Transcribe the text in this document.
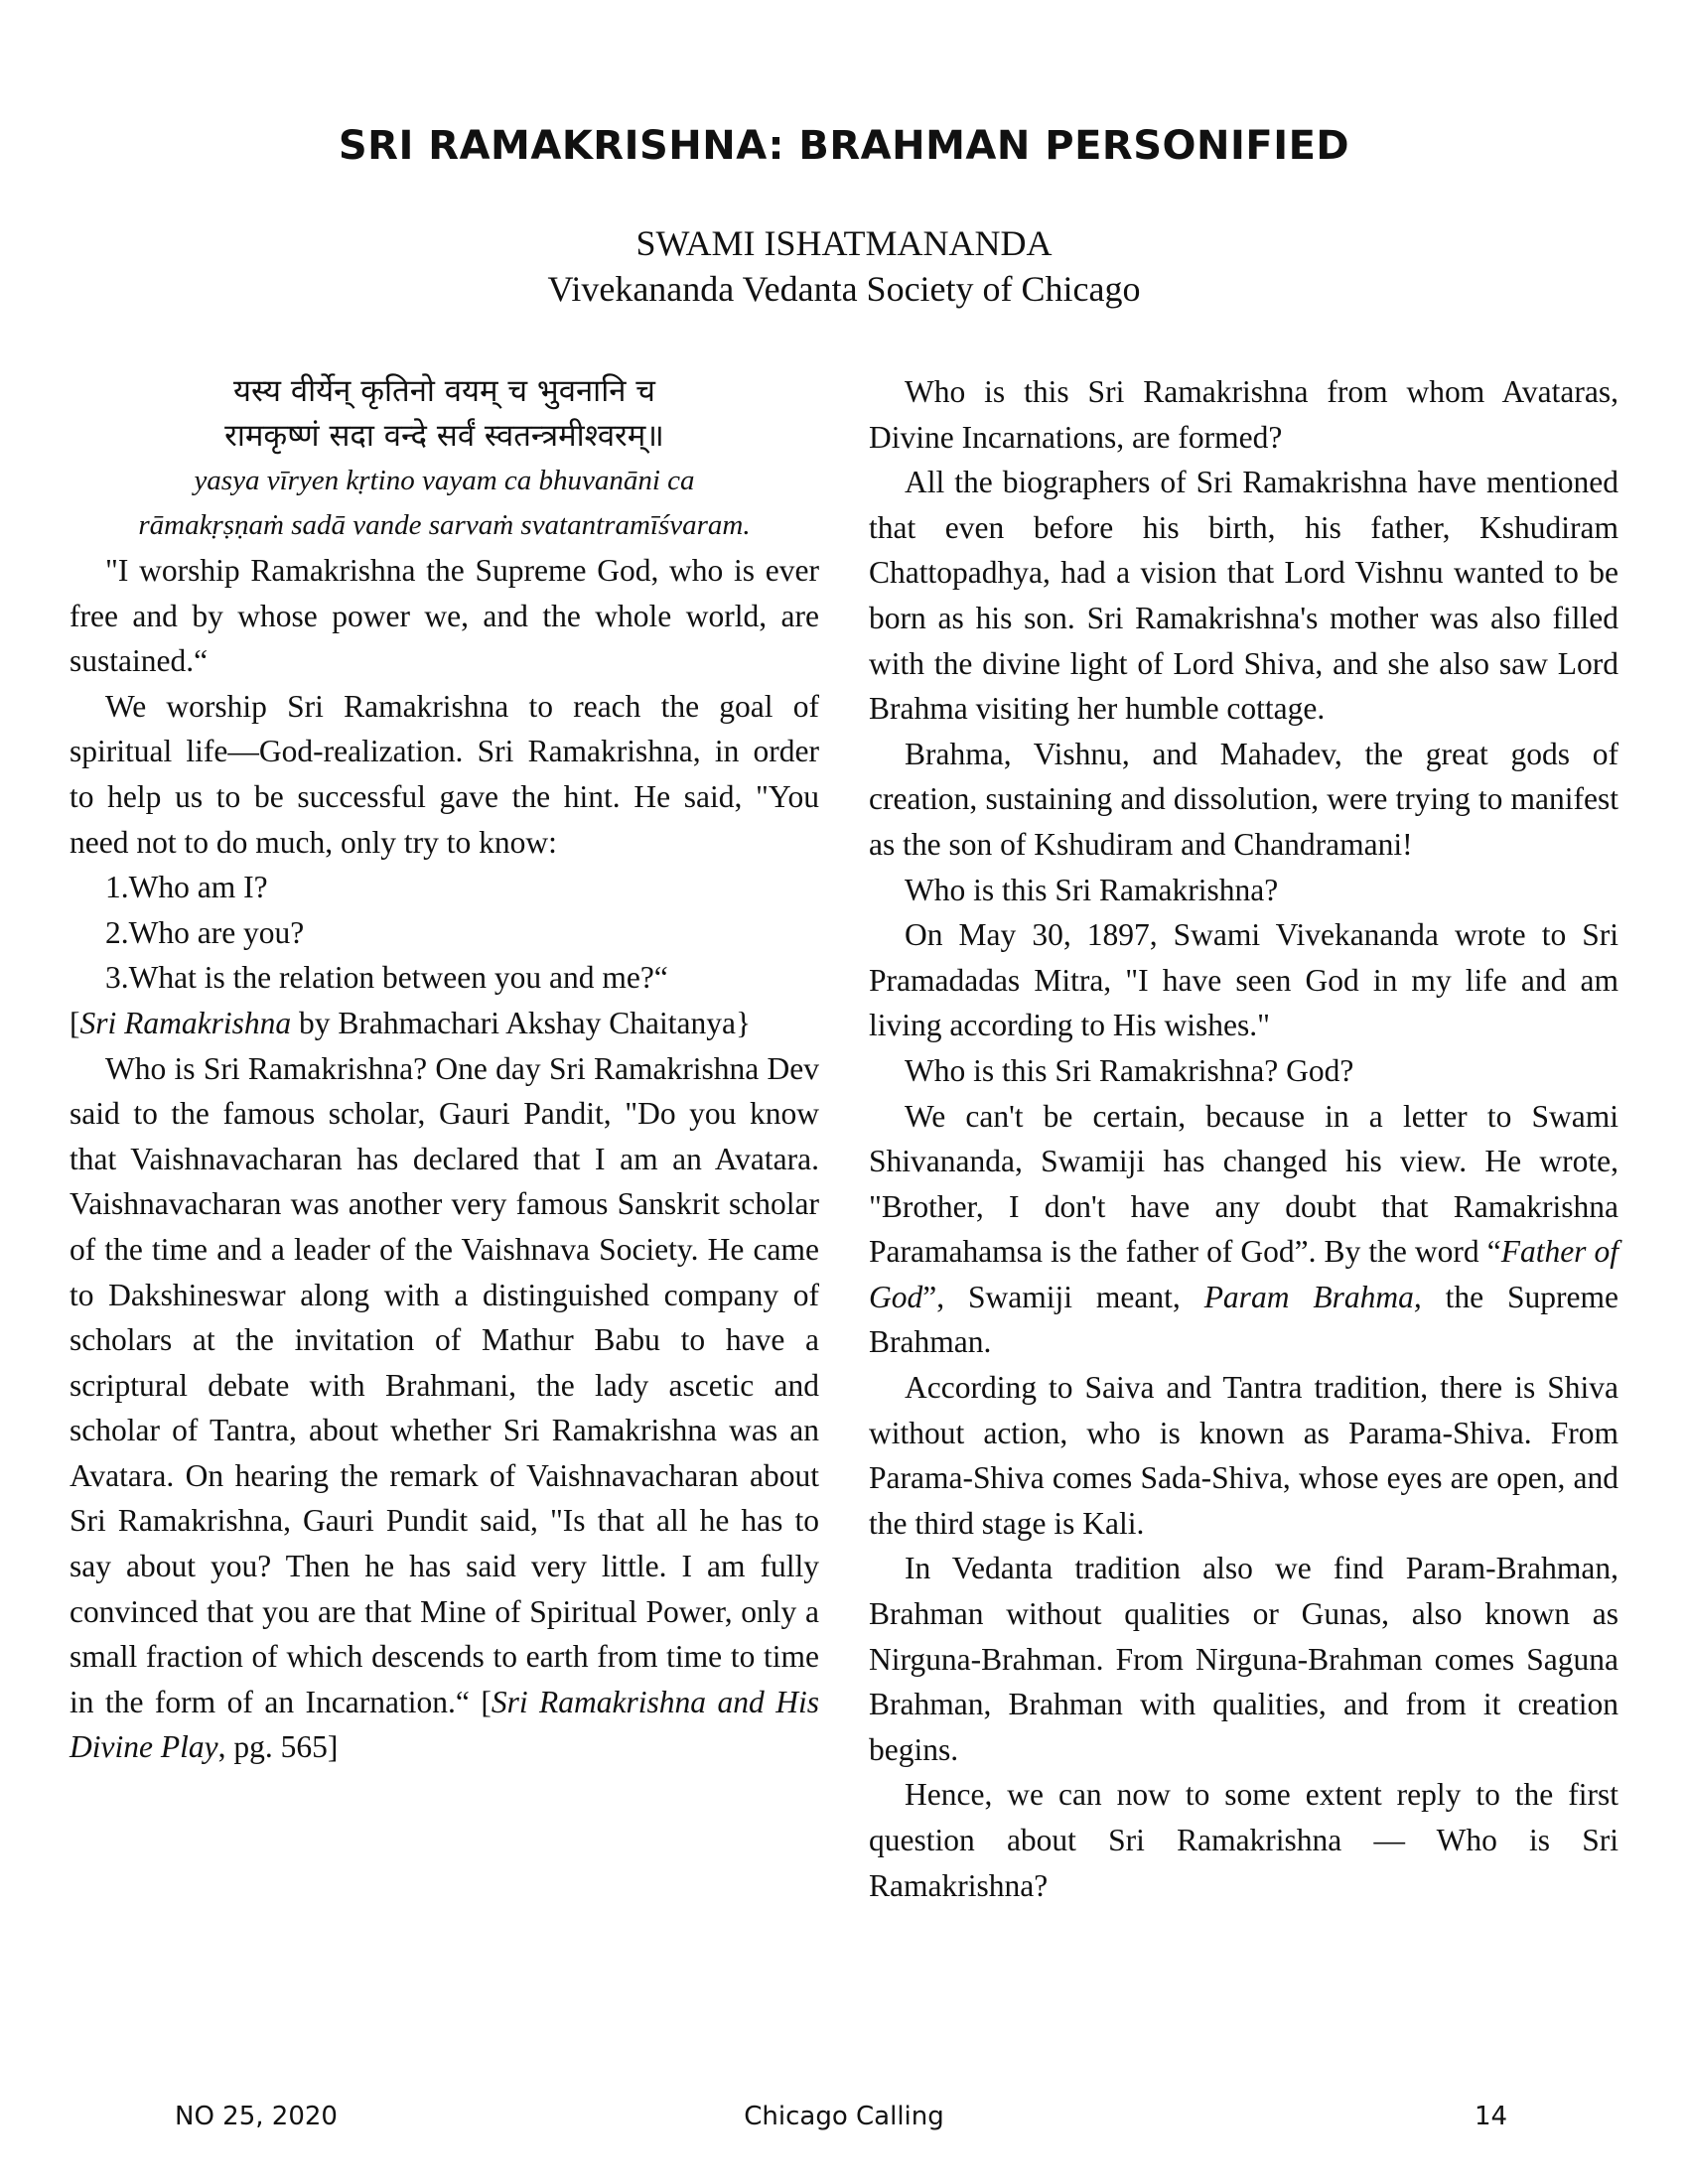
SRI RAMAKRISHNA: BRAHMAN PERSONIFIED
SWAMI ISHATMANANDA
Vivekananda Vedanta Society of Chicago
यस्य वीर्येन् कृतिनो वयम् च भुवनानि च
रामकृष्णं सदा वन्दे सर्वं स्वतन्त्रमीश्वरम्॥
yasya vīryen kṛtino vayam ca bhuvanāni ca
rāmakṛṣṇaṁ sadā vande sarvaṁ svatantramīśvaram.

"I worship Ramakrishna the Supreme God, who is ever free and by whose power we, and the whole world, are sustained.“

We worship Sri Ramakrishna to reach the goal of spiritual life—God-realization. Sri Ramakrishna, in order to help us to be successful gave the hint. He said, "You need not to do much, only try to know:

1.Who am I?

2.Who are you?

3.What is the relation between you and me?“

[Sri Ramakrishna by Brahmachari Akshay Chaitanya}

Who is Sri Ramakrishna? One day Sri Ramakrishna Dev said to the famous scholar, Gauri Pandit, "Do you know that Vaishnavacharan has declared that I am an Avatara. Vaishnavacharan was another very famous Sanskrit scholar of the time and a leader of the Vaishnava Society. He came to Dakshineswar along with a distinguished company of scholars at the invitation of Mathur Babu to have a scriptural debate with Brahmani, the lady ascetic and scholar of Tantra, about whether Sri Ramakrishna was an Avatara. On hearing the remark of Vaishnavacharan about Sri Ramakrishna, Gauri Pundit said, "Is that all he has to say about you? Then he has said very little. I am fully convinced that you are that Mine of Spiritual Power, only a small fraction of which descends to earth from time to time in the form of an Incarnation.“ [Sri Ramakrishna and His Divine Play, pg. 565]

Who is this Sri Ramakrishna from whom Avataras, Divine Incarnations, are formed?

All the biographers of Sri Ramakrishna have mentioned that even before his birth, his father, Kshudiram Chattopadhya, had a vision that Lord Vishnu wanted to be born as his son. Sri Ramakrishna's mother was also filled with the divine light of Lord Shiva, and she also saw Lord Brahma visiting her humble cottage.

Brahma, Vishnu, and Mahadev, the great gods of creation, sustaining and dissolution, were trying to manifest as the son of Kshudiram and Chandramani!

Who is this Sri Ramakrishna?

On May 30, 1897, Swami Vivekananda wrote to Sri Pramadadas Mitra, "I have seen God in my life and am living according to His wishes."

Who is this Sri Ramakrishna? God?

We can't be certain, because in a letter to Swami Shivananda, Swamiji has changed his view. He wrote, "Brother, I don't have any doubt that Ramakrishna Paramahamsa is the father of God”. By the word “Father of God”, Swamiji meant, Param Brahma, the Supreme Brahman.

According to Saiva and Tantra tradition, there is Shiva without action, who is known as Parama-Shiva. From Parama-Shiva comes Sada-Shiva, whose eyes are open, and the third stage is Kali.

In Vedanta tradition also we find Param-Brahman, Brahman without qualities or Gunas, also known as Nirguna-Brahman. From Nirguna-Brahman comes Saguna Brahman, Brahman with qualities, and from it creation begins.

Hence, we can now to some extent reply to the first question about Sri Ramakrishna — Who is Sri Ramakrishna?

NO 25, 2020	Chicago Calling	14
